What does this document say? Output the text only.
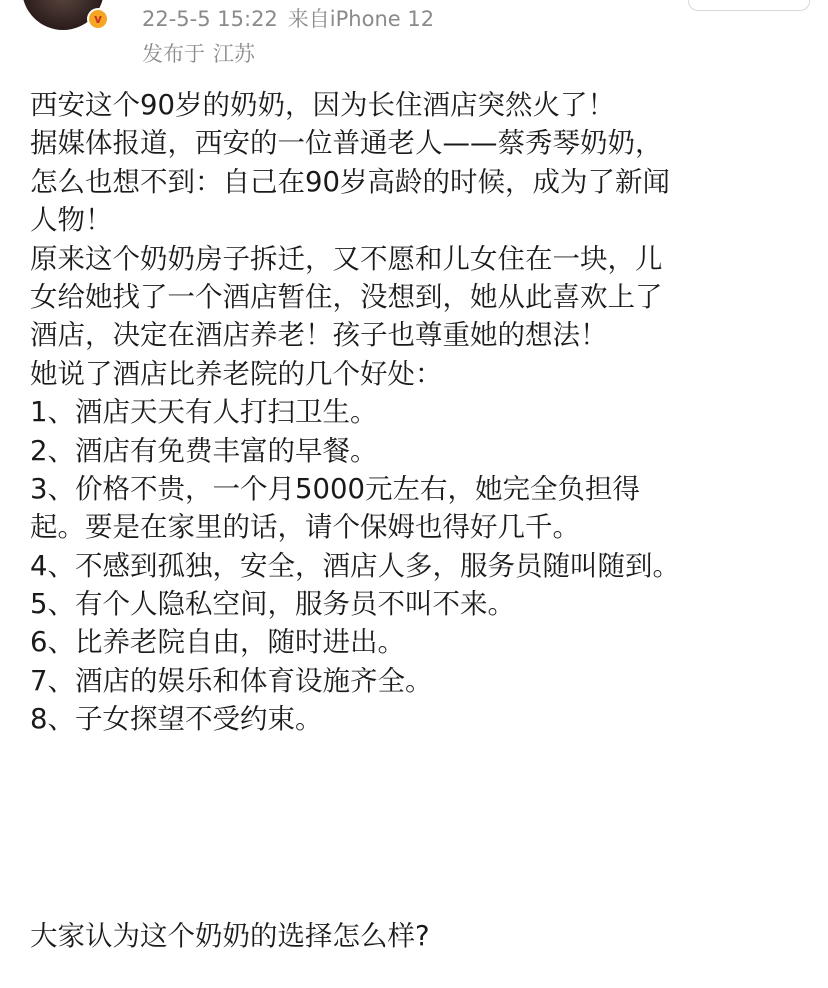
v 22-5-5 15:22 来自iPhone 12
发布于 江苏
西安这个90岁的奶奶，因为长住酒店突然火了！
据媒体报道，西安的一位普通老人——蔡秀琴奶奶，
怎么也想不到：自己在90岁高龄的时候，成为了新闻
人物！
原来这个奶奶房子拆迁，又不愿和儿女住在一块，儿
女给她找了一个酒店暂住，没想到，她从此喜欢上了
酒店，决定在酒店养老！孩子也尊重她的想法！
她说了酒店比养老院的几个好处：
1、酒店天天有人打扫卫生。
2、酒店有免费丰富的早餐。
3、价格不贵，一个月5000元左右，她完全负担得
起。要是在家里的话，请个保姆也得好几千。
4、不感到孤独，安全，酒店人多，服务员随叫随到。
5、有个人隐私空间，服务员不叫不来。
6、比养老院自由，随时进出。
7、酒店的娱乐和体育设施齐全。
8、子女探望不受约束。
大家认为这个奶奶的选择怎么样?
